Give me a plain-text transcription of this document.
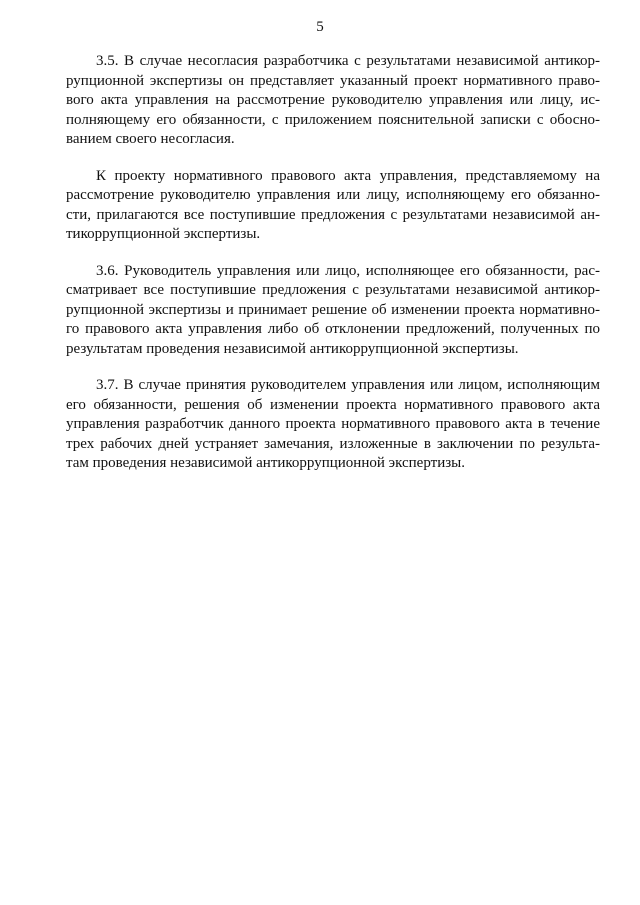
5

3.5. В случае несогласия разработчика с результатами независимой антикор-
рупционной экспертизы он представляет указанный проект нормативного право-
вого акта управления на рассмотрение руководителю управления или лицу, ис-
полняющему его обязанности, с приложением пояснительной записки с обосно-
ванием своего несогласия.

К проекту нормативного правового акта управления, представляемому на
рассмотрение руководителю управления или лицу, исполняющему его обязанно-
сти, прилагаются все поступившие предложения с результатами независимой ан-
тикоррупционной экспертизы.

3.6. Руководитель управления или лицо, исполняющее его обязанности, рас-
сматривает все поступившие предложения с результатами независимой антикор-
рупционной экспертизы и принимает решение об изменении проекта нормативно-
го правового акта управления либо об отклонении предложений, полученных по
результатам проведения независимой антикоррупционной экспертизы.

3.7. В случае принятия руководителем управления или лицом, исполняющим
его обязанности, решения об изменении проекта нормативного правового акта
управления разработчик данного проекта нормативного правового акта в течение
трех рабочих дней устраняет замечания, изложенные в заключении по результа-
там проведения независимой антикоррупционной экспертизы.
